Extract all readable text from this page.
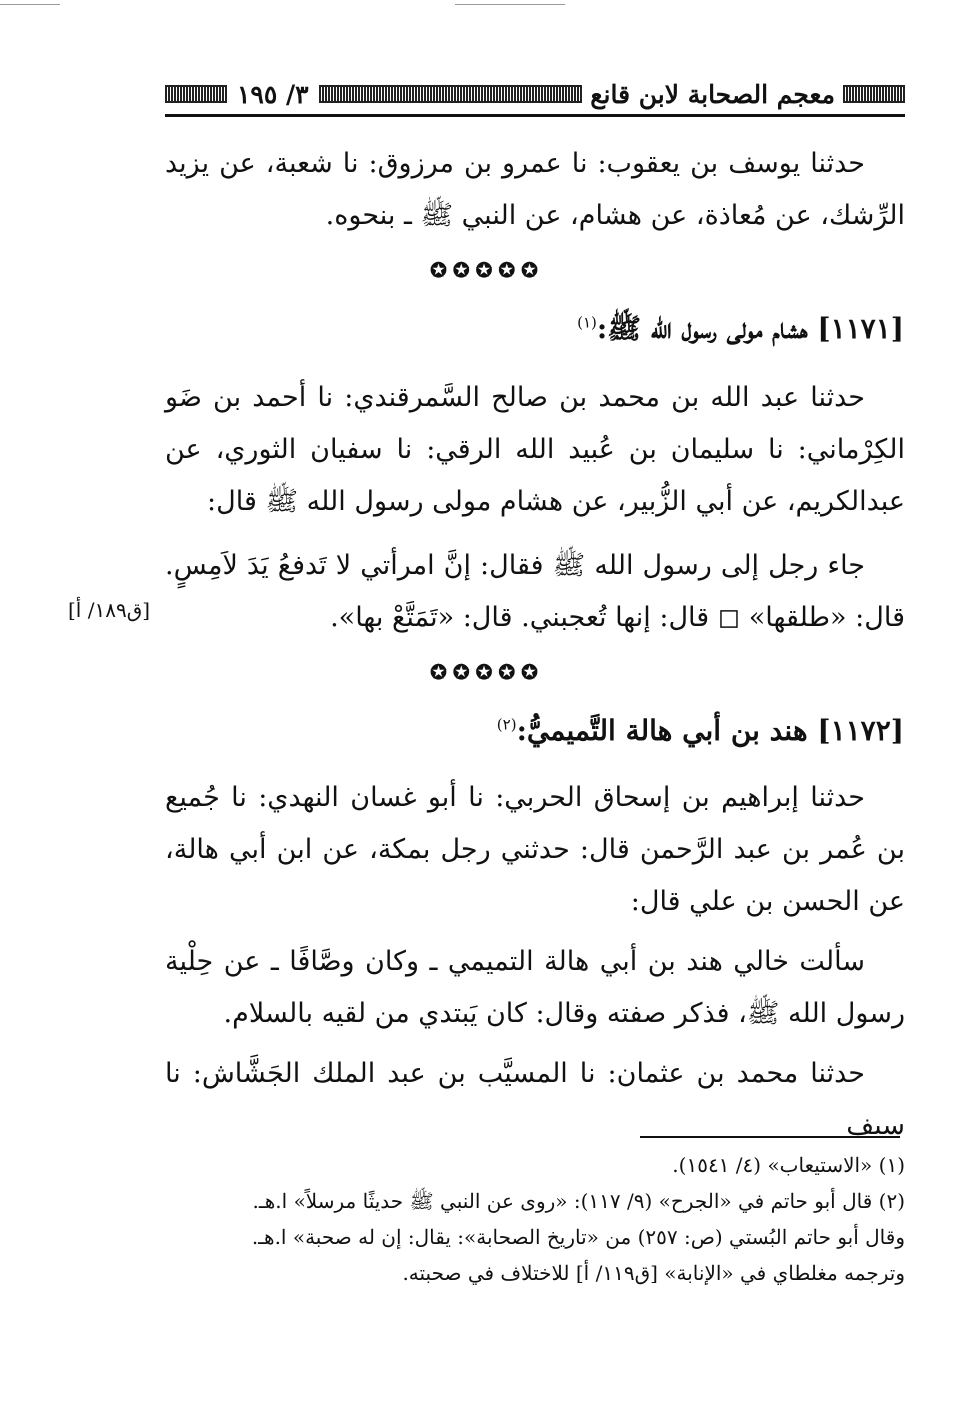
معجم الصحابة لابن قانع
٣/ ١٩٥

حدثنا يوسف بن يعقوب: نا عمرو بن مرزوق: نا شعبة، عن يزيد الرِّشك، عن مُعاذة، عن هشام، عن النبي ﷺ ـ بنحوه.

✪✪✪✪✪
[١١٧١] هشام مولى رسول الله ﷺ:$^{(١)}$

حدثنا عبد الله بن محمد بن صالح السَّمرقندي: نا أحمد بن ضَو الكِرْماني: نا سليمان بن عُبيد الله الرقي: نا سفيان الثوري، عن عبدالكريم، عن أبي الزُّبير، عن هشام مولى رسول الله ﷺ قال:

جاء رجل إلى رسول الله ﷺ فقال: إنَّ امرأتي لا تَدفعُ يَدَ لاَمِسٍ. قال: «طلقها» ◻ قال: إنها تُعجبني. قال: «تَمَتَّعْ بها».

[ق١٨٩/ أ]
✪✪✪✪✪
[١١٧٢] هند بن أبي هالة التَّميميُّ:$^{(٢)}$

حدثنا إبراهيم بن إسحاق الحربي: نا أبو غسان النهدي: نا جُميع بن عُمر بن عبد الرَّحمن قال: حدثني رجل بمكة، عن ابن أبي هالة، عن الحسن بن علي قال:

سألت خالي هند بن أبي هالة التميمي ـ وكان وصَّافًا ـ عن حِلْية رسول الله ﷺ، فذكر صفته وقال: كان يَبتدي من لقيه بالسلام.

حدثنا محمد بن عثمان: نا المسيَّب بن عبد الملك الجَشَّاش: نا سيف

(١) «الاستيعاب» (٤/ ١٥٤١).

(٢) قال أبو حاتم في «الجرح» (٩/ ١١٧): «روى عن النبي ﷺ حديثًا مرسلاً» ا.هـ.

وقال أبو حاتم البُستي (ص: ٢٥٧) من «تاريخ الصحابة»: يقال: إن له صحبة» ا.هـ.

وترجمه مغلطاي في «الإنابة» [ق١١٩/ أ] للاختلاف في صحبته.
